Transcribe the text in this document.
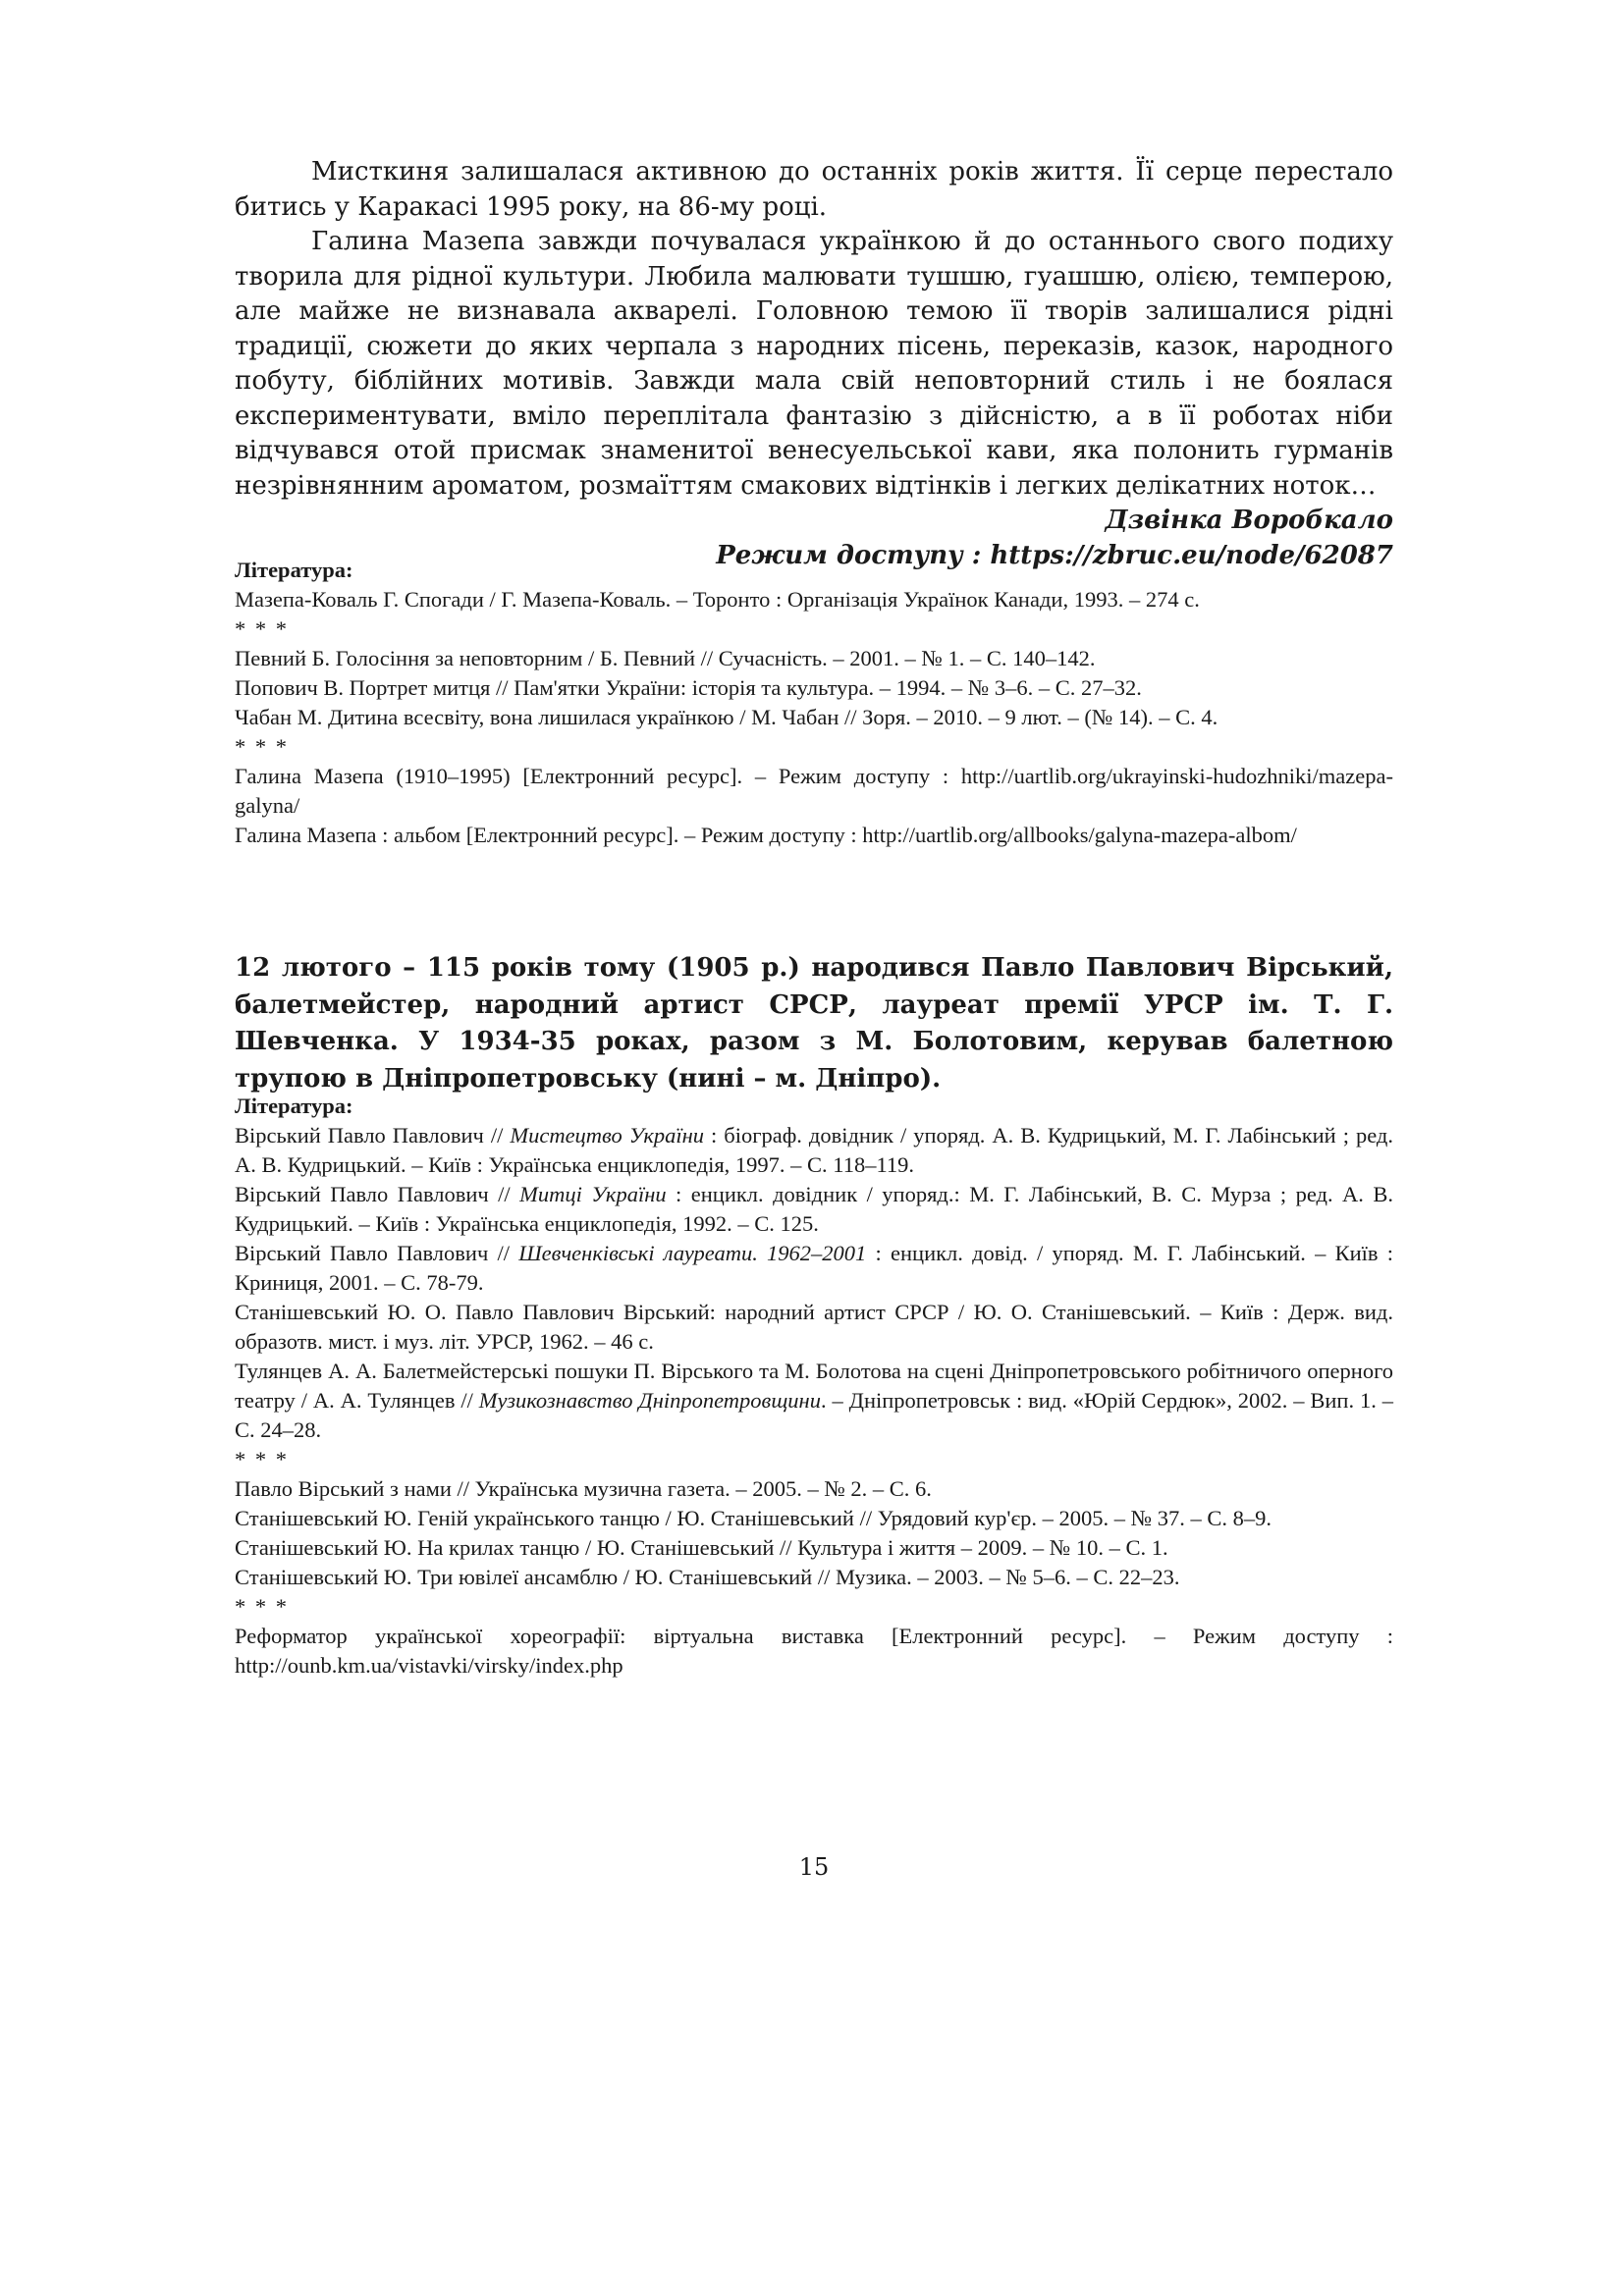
Мисткиня залишалася активною до останніх років життя. Її серце перестало битись у Каракасі 1995 року, на 86-му році.

Галина Мазепа завжди почувалася українкою й до останнього свого подиху творила для рідної культури. Любила малювати тушшю, гуашшю, олією, темперою, але майже не визнавала акварелі. Головною темою її творів залишалися рідні традиції, сюжети до яких черпала з народних пісень, переказів, казок, народного побуту, біблійних мотивів. Завжди мала свій неповторний стиль і не боялася експериментувати, вміло переплітала фантазію з дійсністю, а в її роботах ніби відчувався отой присмак знаменитої венесуельської кави, яка полонить гурманів незрівнянним ароматом, розмаїттям смакових відтінків і легких делікатних ноток…

Дзвінка Воробкало
Режим доступу : https://zbruc.eu/node/62087
Література:
Мазепа-Коваль Г. Спогади / Г. Мазепа-Коваль. – Торонто : Організація Українок Канади, 1993. – 274 с.
* * *
Певний Б. Голосіння за неповторним / Б. Певний // Сучасність. – 2001. – № 1. – С. 140–142.
Попович В. Портрет митця // Пам'ятки України: історія та культура. – 1994. – № 3–6. – С. 27–32.
Чабан М. Дитина всесвіту, вона лишилася українкою / М. Чабан // Зоря. – 2010. – 9 лют. – (№ 14). – С. 4.
* * *
Галина Мазепа (1910–1995) [Електронний ресурс]. – Режим доступу : http://uartlib.org/ukrayinski-hudozhniki/mazepa-galyna/
Галина Мазепа : альбом [Електронний ресурс]. – Режим доступу : http://uartlib.org/allbooks/galyna-mazepa-albom/
12 лютого – 115 років тому (1905 р.) народився Павло Павлович Вірський, балетмейстер, народний артист СРСР, лауреат премії УРСР ім. Т. Г. Шевченка. У 1934-35 роках, разом з М. Болотовим, керував балетною трупою в Дніпропетровську (нині – м. Дніпро).
Література:
Вірський Павло Павлович // Мистецтво України : біограф. довідник / упоряд. А. В. Кудрицький, М. Г. Лабінський ; ред. А. В. Кудрицький. – Київ : Українська енциклопедія, 1997. – С. 118–119.
Вірський Павло Павлович // Митці України : енцикл. довідник / упоряд.: М. Г. Лабінський, В. С. Мурза ; ред. А. В. Кудрицький. – Київ : Українська енциклопедія, 1992. – С. 125.
Вірський Павло Павлович // Шевченківські лауреати. 1962–2001 : енцикл. довід. / упоряд. М. Г. Лабінський. – Київ : Криниця, 2001. – С. 78-79.
Станішевський Ю. О. Павло Павлович Вірський: народний артист СРСР / Ю. О. Станішевський. – Київ : Держ. вид. образотв. мист. і муз. літ. УРСР, 1962. – 46 с.
Тулянцев А. А. Балетмейстерські пошуки П. Вірського та М. Болотова на сцені Дніпропетровського робітничого оперного театру / А. А. Тулянцев // Музикознавство Дніпропетровщини. – Дніпропетровськ : вид. «Юрій Сердюк», 2002. – Вип. 1. – С. 24–28.
* * *
Павло Вірський з нами // Українська музична газета. – 2005. – № 2. – С. 6.
Станішевський Ю. Геній українського танцю / Ю. Станішевський // Урядовий кур'єр. – 2005. – № 37. – С. 8–9.
Станішевський Ю. На крилах танцю / Ю. Станішевський // Культура і життя – 2009. – № 10. – С. 1.
Станішевський Ю. Три ювілеї ансамблю / Ю. Станішевський // Музика. – 2003. – № 5–6. – С. 22–23.
* * *
Реформатор української хореографії: віртуальна виставка [Електронний ресурс]. – Режим доступу : http://ounb.km.ua/vistavki/virsky/index.php
15
